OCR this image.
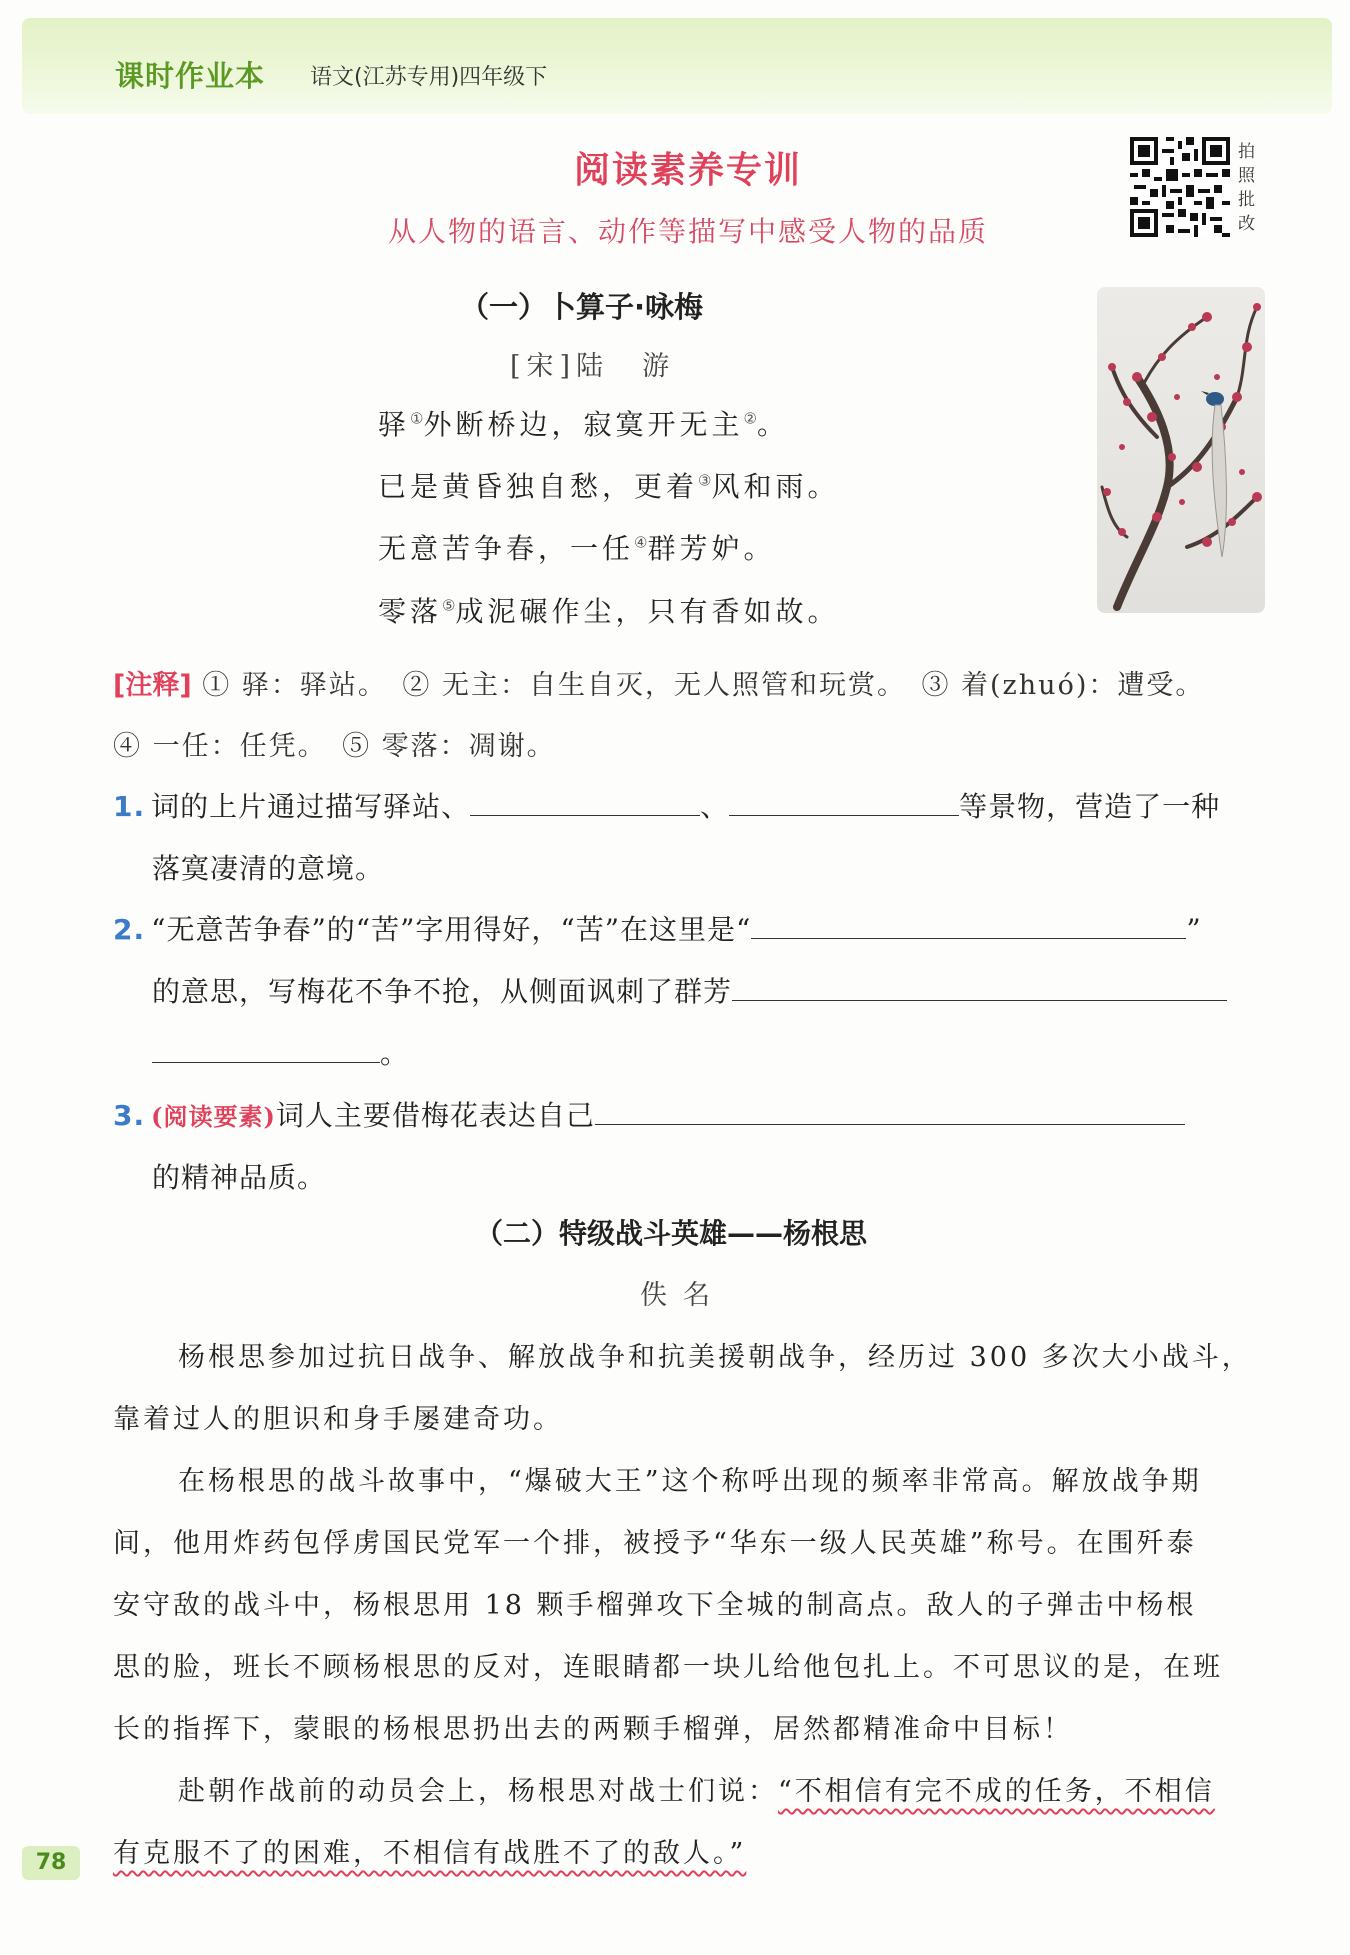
课时作业本 语文(江苏专用)四年级下
阅读素养专训
从人物的语言、动作等描写中感受人物的品质
拍照批改
（一）卜算子·咏梅
[宋]陆　游
驿①外断桥边，寂寞开无主②。
已是黄昏独自愁，更着③风和雨。
无意苦争春，一任④群芳妒。
零落⑤成泥碾作尘，只有香如故。
[注释] ① 驿：驿站。　② 无主：自生自灭，无人照管和玩赏。　③ 着(zhuó)：遭受。
④ 一任：任凭。　⑤ 零落：凋谢。
1. 词的上片通过描写驿站、	、	等景物，营造了一种
落寞凄清的意境。
2. “无意苦争春”的“苦”字用得好，“苦”在这里是“	”
的意思，写梅花不争不抢，从侧面讽刺了群芳
。
3. (阅读要素)词人主要借梅花表达自己
的精神品质。
（二）特级战斗英雄——杨根思
佚名
杨根思参加过抗日战争、解放战争和抗美援朝战争，经历过 300 多次大小战斗，
靠着过人的胆识和身手屡建奇功。
在杨根思的战斗故事中，“爆破大王”这个称呼出现的频率非常高。解放战争期
间，他用炸药包俘虏国民党军一个排，被授予“华东一级人民英雄”称号。在围歼泰
安守敌的战斗中，杨根思用 18 颗手榴弹攻下全城的制高点。敌人的子弹击中杨根
思的脸，班长不顾杨根思的反对，连眼睛都一块儿给他包扎上。不可思议的是，在班
长的指挥下，蒙眼的杨根思扔出去的两颗手榴弹，居然都精准命中目标！
赴朝作战前的动员会上，杨根思对战士们说：“不相信有完不成的任务，不相信
有克服不了的困难，不相信有战胜不了的敌人。”
78
